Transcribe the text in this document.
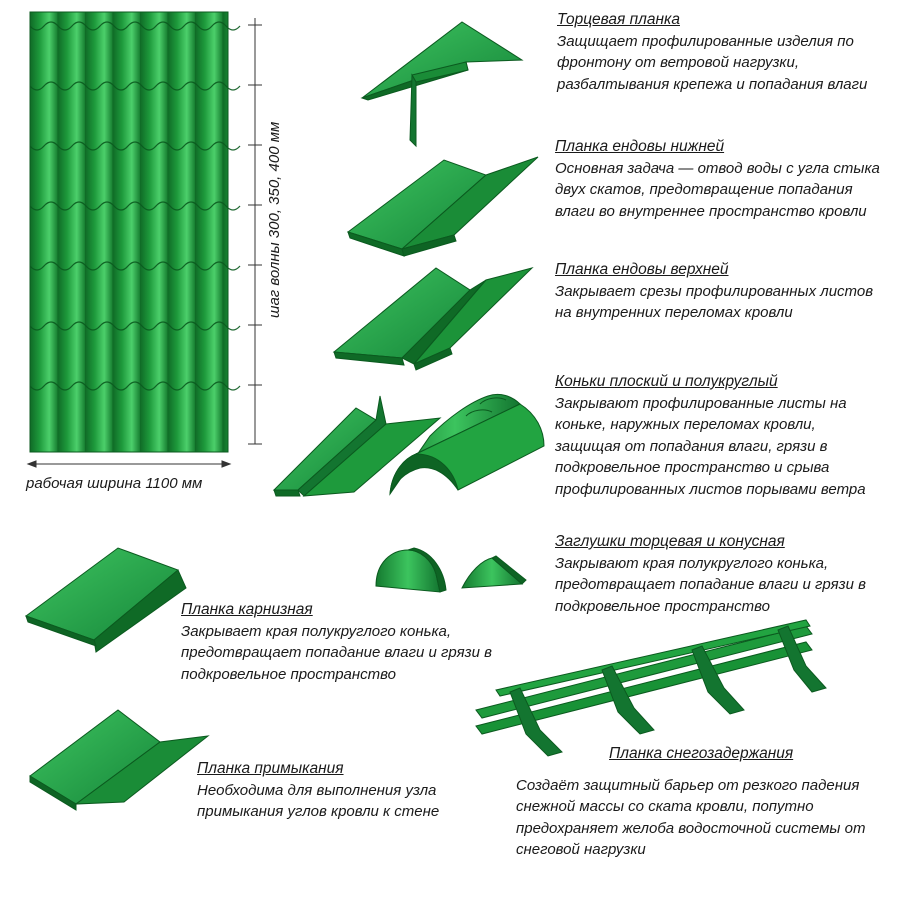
шаг волны 300, 350, 400 мм
рабочая ширина 1100 мм
Торцевая планка
Защищает профилированные изделия по фронтону от ветровой нагрузки, разбалтывания крепежа и попадания влаги
Планка ендовы нижней
Основная задача — отвод воды с угла стыка двух скатов, предотвращение попадания влаги во внутреннее пространство кровли
Планка ендовы верхней
Закрывает срезы профилированных листов на внутренних переломах кровли
Коньки плоский и полукруглый
Закрывают профилированные листы на коньке, наружных переломах кровли, защищая от попадания влаги, грязи в подкровельное пространство и срыва профилированных листов порывами ветра
Заглушки торцевая и конусная
Закрывают края полукруглого конька, предотвращает попадание влаги и грязи в подкровельное пространство
Планка карнизная
Закрывает края полукруглого конька, предотвращает попадание влаги и грязи в подкровельное пространство
Планка примыкания
Необходима для выполнения узла примыкания углов кровли к стене
Планка снегозадержания
Создаёт защитный барьер от резкого падения снежной массы со ската кровли, попутно предохраняет желоба водосточной системы от снеговой нагрузки
